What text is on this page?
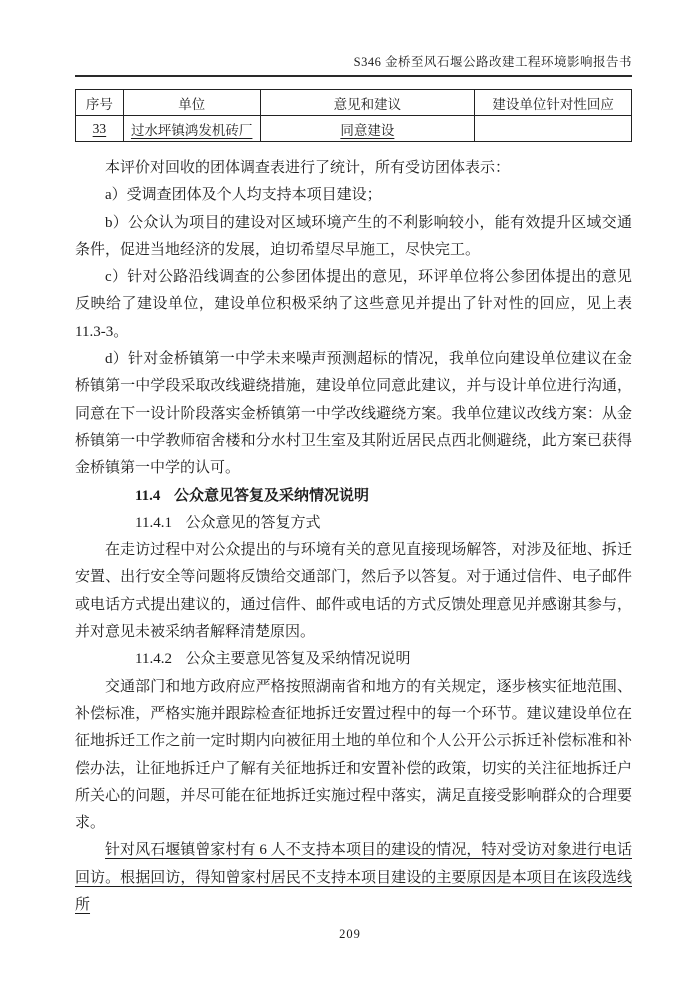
S346 金桥至风石堰公路改建工程环境影响报告书
序号	单位	意见和建议	建设单位针对性回应
33	过水坪镇鸿发机砖厂	同意建设	

本评价对回收的团体调查表进行了统计，所有受访团体表示：

a）受调查团体及个人均支持本项目建设；

b）公众认为项目的建设对区域环境产生的不利影响较小，能有效提升区域交通条件，促进当地经济的发展，迫切希望尽早施工，尽快完工。

c）针对公路沿线调查的公参团体提出的意见，环评单位将公参团体提出的意见反映给了建设单位，建设单位积极采纳了这些意见并提出了针对性的回应，见上表11.3-3。

d）针对金桥镇第一中学未来噪声预测超标的情况，我单位向建设单位建议在金桥镇第一中学段采取改线避绕措施，建设单位同意此建议，并与设计单位进行沟通，同意在下一设计阶段落实金桥镇第一中学改线避绕方案。我单位建议改线方案：从金桥镇第一中学教师宿舍楼和分水村卫生室及其附近居民点西北侧避绕，此方案已获得金桥镇第一中学的认可。

11.4 公众意见答复及采纳情况说明

11.4.1 公众意见的答复方式

在走访过程中对公众提出的与环境有关的意见直接现场解答，对涉及征地、拆迁安置、出行安全等问题将反馈给交通部门，然后予以答复。对于通过信件、电子邮件或电话方式提出建议的，通过信件、邮件或电话的方式反馈处理意见并感谢其参与，并对意见未被采纳者解释清楚原因。

11.4.2 公众主要意见答复及采纳情况说明

交通部门和地方政府应严格按照湖南省和地方的有关规定，逐步核实征地范围、补偿标准，严格实施并跟踪检查征地拆迁安置过程中的每一个环节。建议建设单位在征地拆迁工作之前一定时期内向被征用土地的单位和个人公开公示拆迁补偿标准和补偿办法，让征地拆迁户了解有关征地拆迁和安置补偿的政策，切实的关注征地拆迁户所关心的问题，并尽可能在征地拆迁实施过程中落实，满足直接受影响群众的合理要求。

针对风石堰镇曾家村有 6 人不支持本项目的建设的情况，特对受访对象进行电话回访。根据回访，得知曾家村居民不支持本项目建设的主要原因是本项目在该段选线所

209
